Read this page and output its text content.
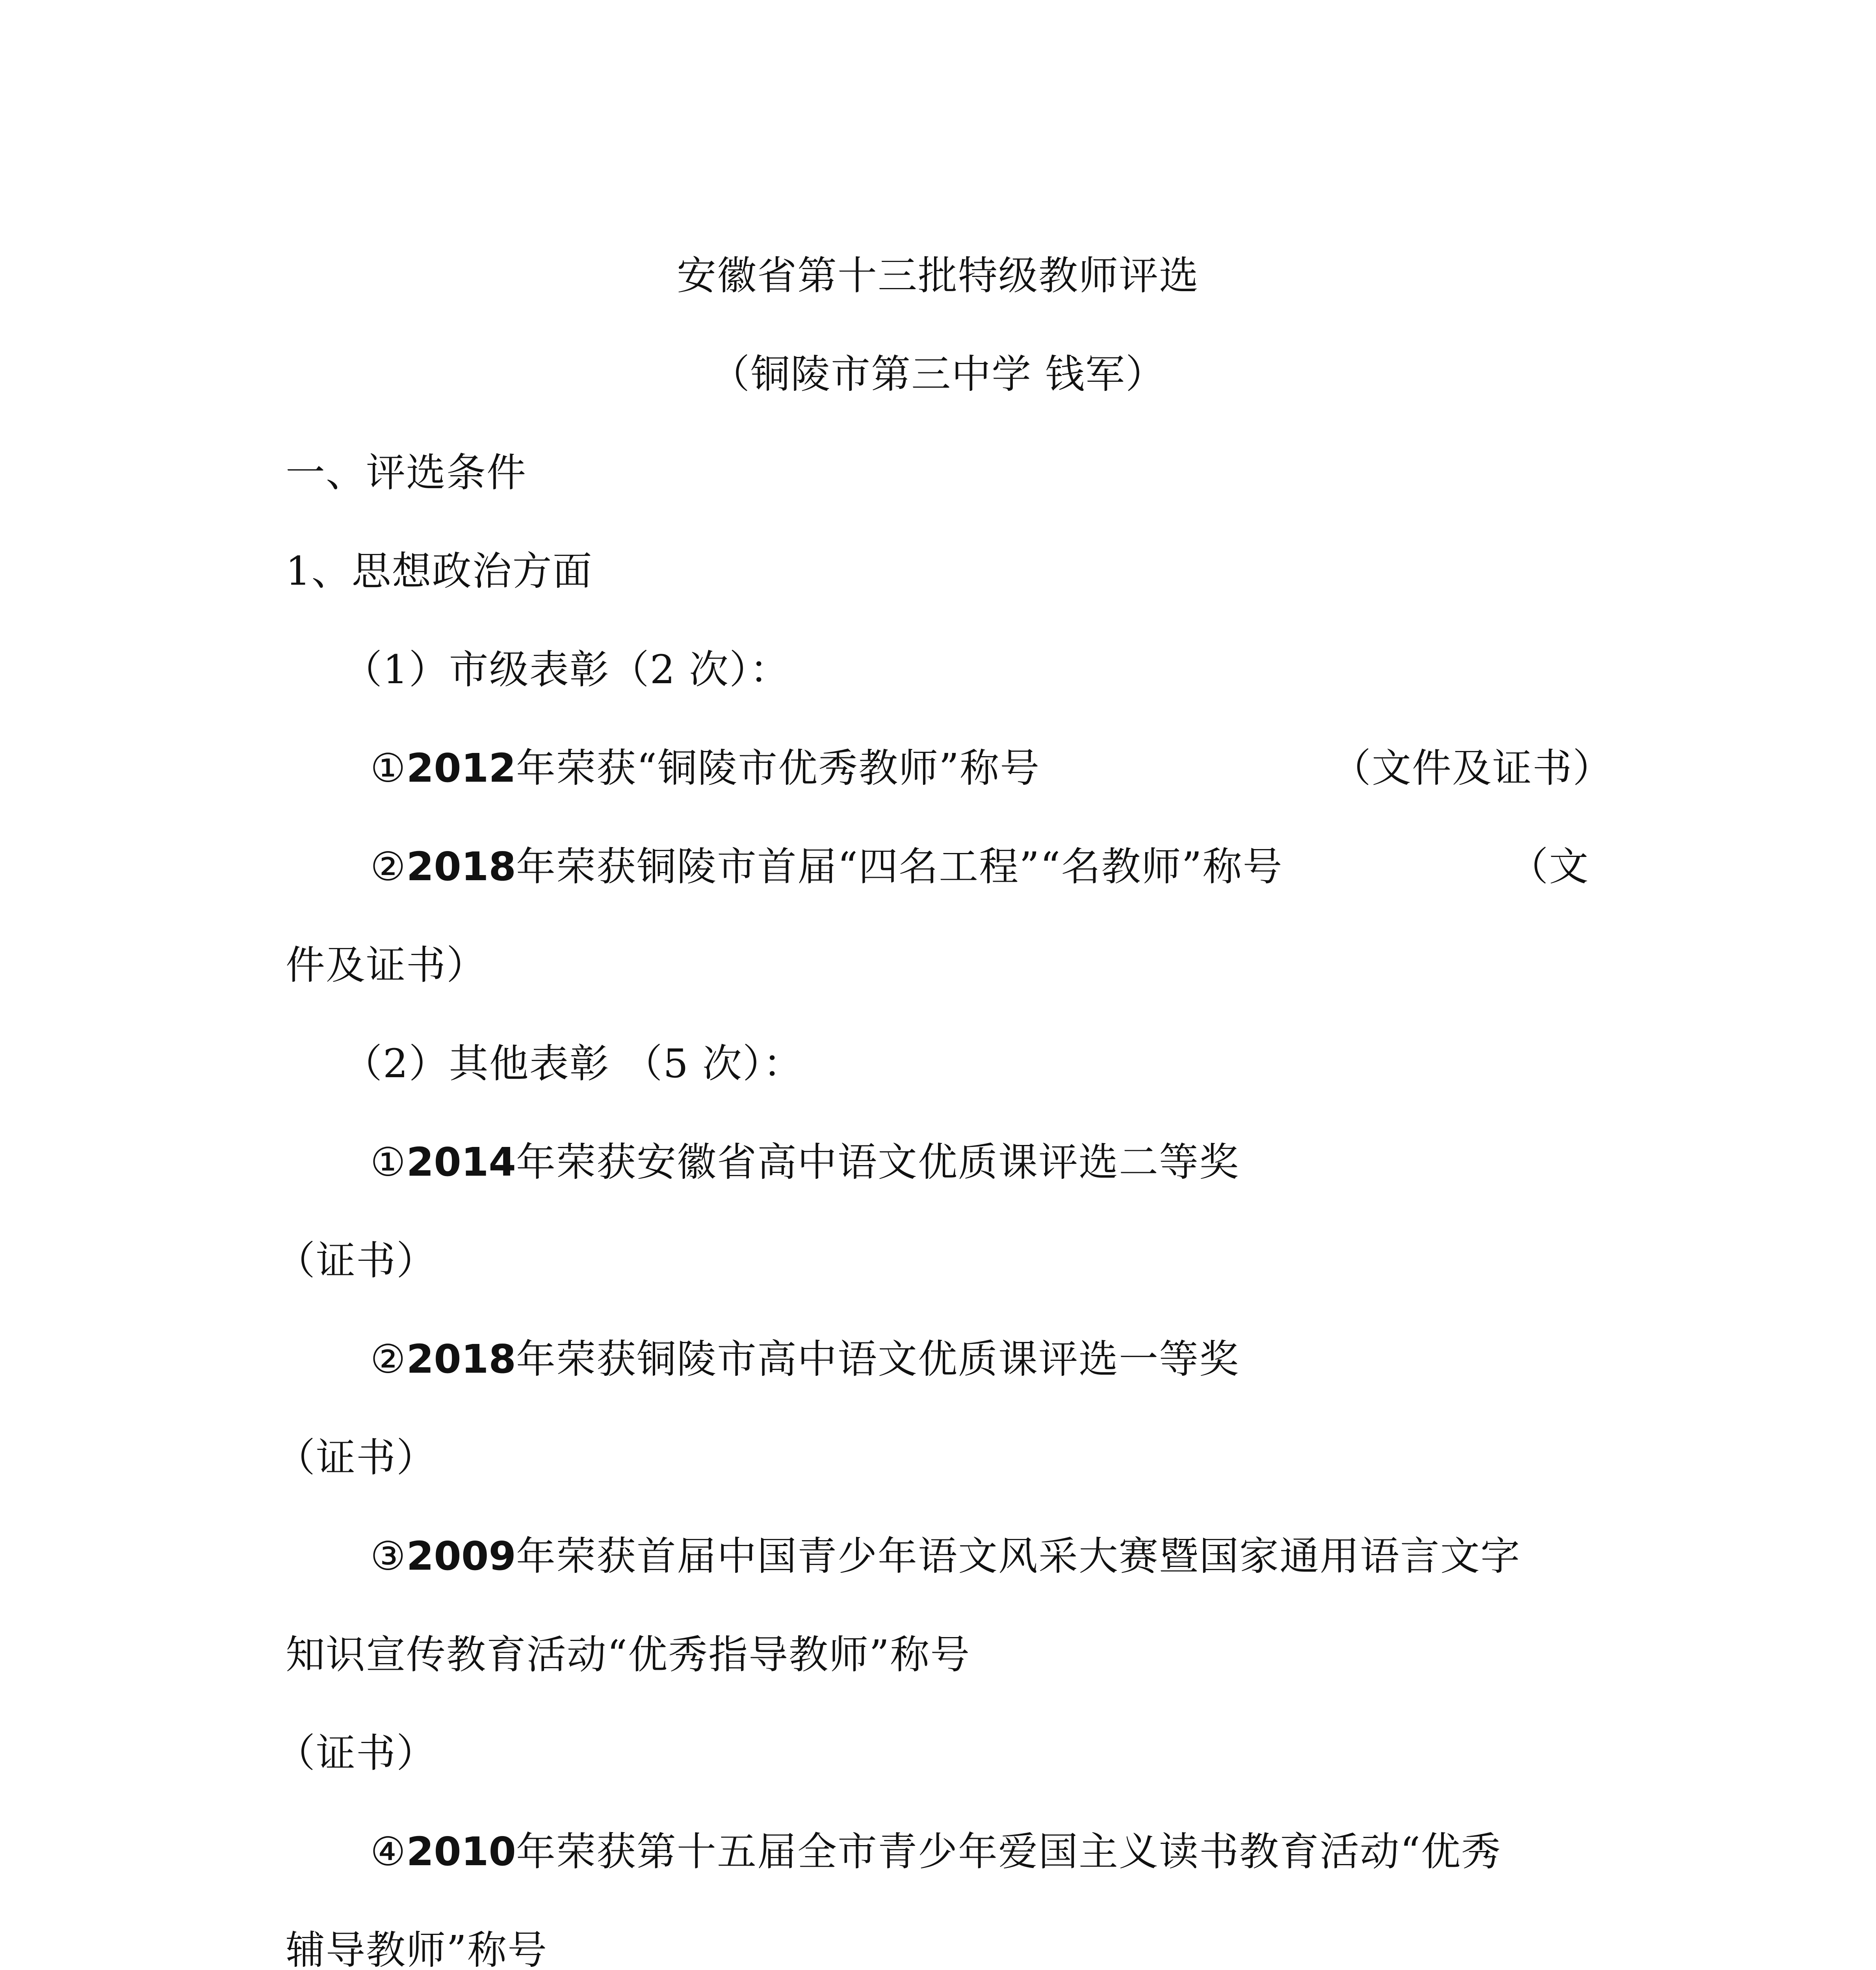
安徽省第十三批特级教师评选
（铜陵市第三中学 钱军）
一、评选条件
1、思想政治方面
（1）市级表彰（2 次）：
①2012年荣获“铜陵市优秀教师”称号	（文件及证书）
②2018年荣获铜陵市首届“四名工程”“名教师”称号	（文
件及证书）
（2）其他表彰 （5 次）：
①2014年荣获安徽省高中语文优质课评选二等奖
（证书）
②2018年荣获铜陵市高中语文优质课评选一等奖
（证书）
③2009年荣获首届中国青少年语文风采大赛暨国家通用语言文字
知识宣传教育活动“优秀指导教师”称号
（证书）
④2010年荣获第十五届全市青少年爱国主义读书教育活动“优秀
辅导教师”称号
